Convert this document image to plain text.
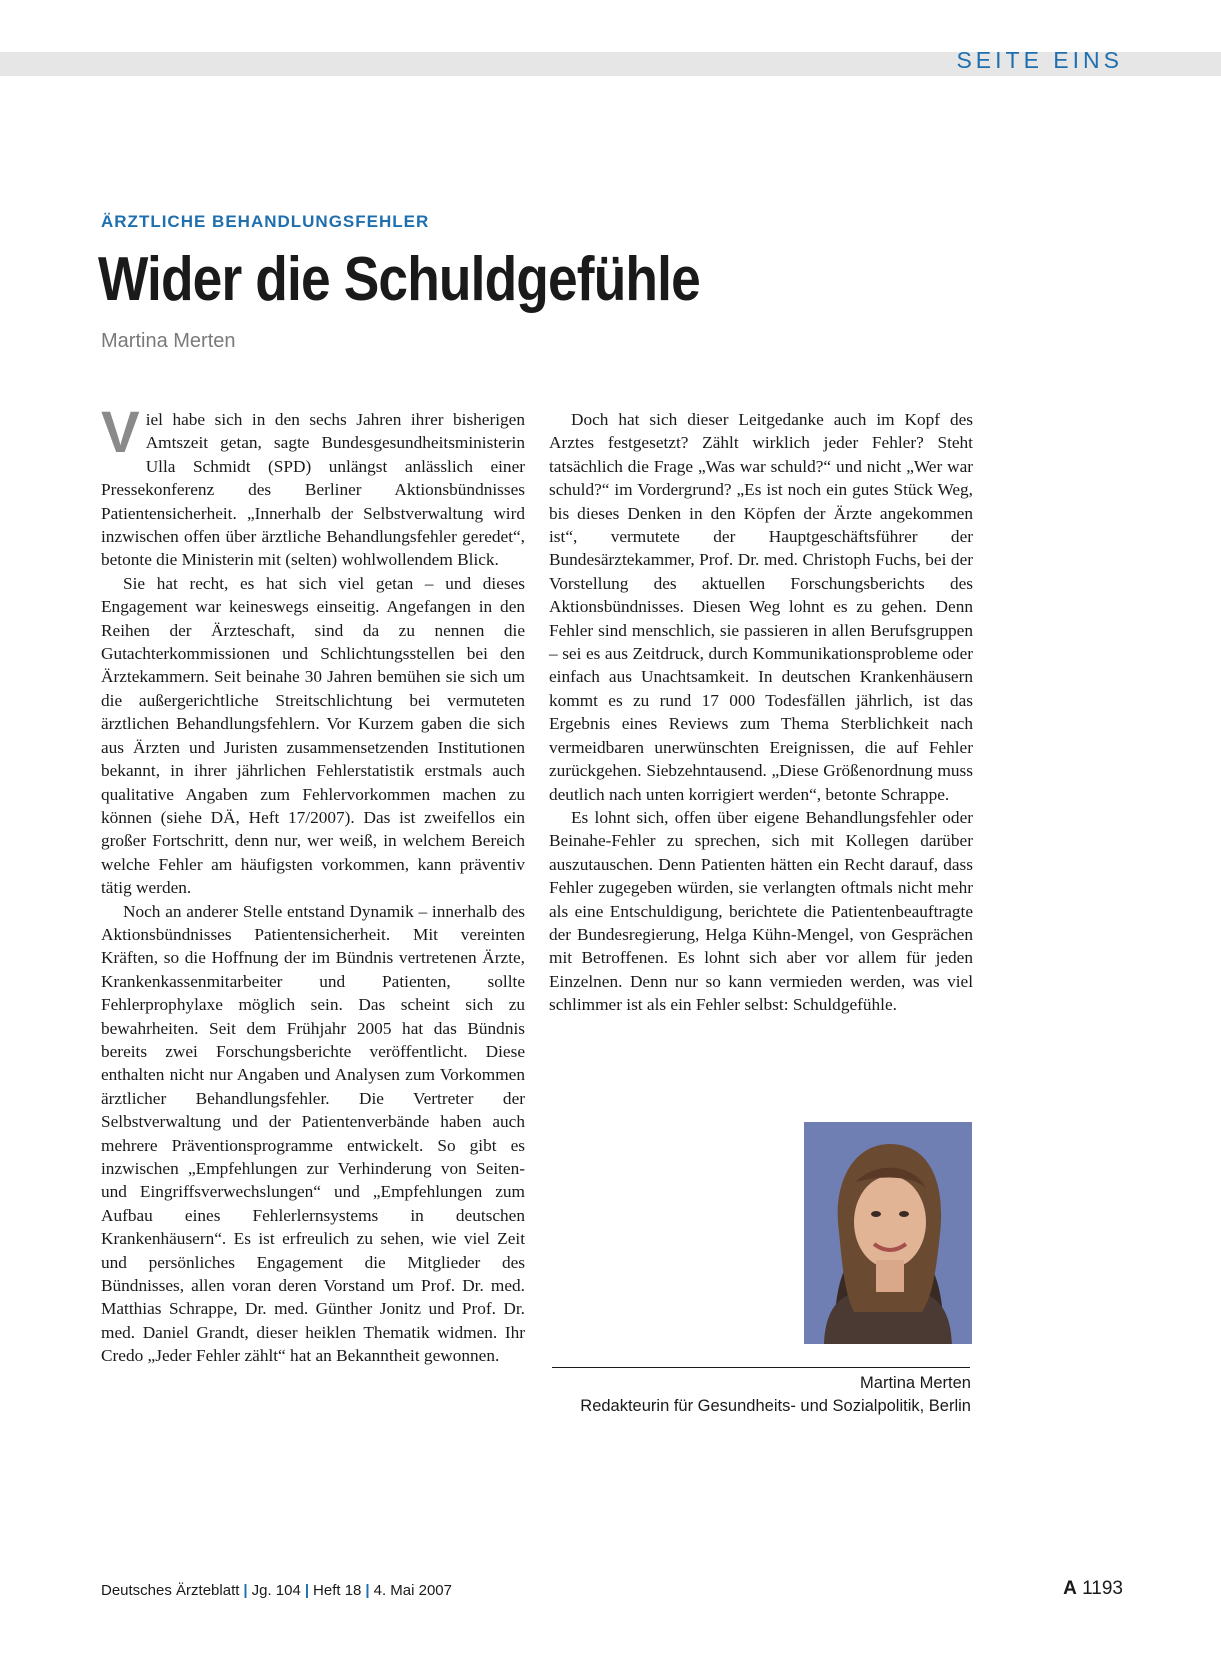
SEITE EINS
ÄRZTLICHE BEHANDLUNGSFEHLER
Wider die Schuldgefühle
Martina Merten

Viel habe sich in den sechs Jahren ihrer bisherigen Amtszeit getan, sagte Bundesgesundheitsministerin Ulla Schmidt (SPD) unlängst anlässlich einer Pressekonferenz des Berliner Aktionsbündnisses Patientensicherheit. „Innerhalb der Selbstverwaltung wird inzwischen offen über ärztliche Behandlungsfehler geredet“, betonte die Ministerin mit (selten) wohlwollendem Blick.

Sie hat recht, es hat sich viel getan – und dieses Engagement war keineswegs einseitig. Angefangen in den Reihen der Ärzteschaft, sind da zu nennen die Gutachterkommissionen und Schlichtungsstellen bei den Ärztekammern. Seit beinahe 30 Jahren bemühen sie sich um die außergerichtliche Streitschlichtung bei vermuteten ärztlichen Behandlungsfehlern. Vor Kurzem gaben die sich aus Ärzten und Juristen zusammensetzenden Institutionen bekannt, in ihrer jährlichen Fehlerstatistik erstmals auch qualitative Angaben zum Fehlervorkommen machen zu können (siehe DÄ, Heft 17/2007). Das ist zweifellos ein großer Fortschritt, denn nur, wer weiß, in welchem Bereich welche Fehler am häufigsten vorkommen, kann präventiv tätig werden.

Noch an anderer Stelle entstand Dynamik – innerhalb des Aktionsbündnisses Patientensicherheit. Mit vereinten Kräften, so die Hoffnung der im Bündnis vertretenen Ärzte, Krankenkassenmitarbeiter und Patienten, sollte Fehlerprophylaxe möglich sein. Das scheint sich zu bewahrheiten. Seit dem Frühjahr 2005 hat das Bündnis bereits zwei Forschungsberichte veröffentlicht. Diese enthalten nicht nur Angaben und Analysen zum Vorkommen ärztlicher Behandlungsfehler. Die Vertreter der Selbstverwaltung und der Patientenverbände haben auch mehrere Präventionsprogramme entwickelt. So gibt es inzwischen „Empfehlungen zur Verhinderung von Seiten- und Eingriffsverwechslungen“ und „Empfehlungen zum Aufbau eines Fehlerlernsystems in deutschen Krankenhäusern“. Es ist erfreulich zu sehen, wie viel Zeit und persönliches Engagement die Mitglieder des Bündnisses, allen voran deren Vorstand um Prof. Dr. med. Matthias Schrappe, Dr. med. Günther Jonitz und Prof. Dr. med. Daniel Grandt, dieser heiklen Thematik widmen. Ihr Credo „Jeder Fehler zählt“ hat an Bekanntheit gewonnen.

Doch hat sich dieser Leitgedanke auch im Kopf des Arztes festgesetzt? Zählt wirklich jeder Fehler? Steht tatsächlich die Frage „Was war schuld?“ und nicht „Wer war schuld?“ im Vordergrund? „Es ist noch ein gutes Stück Weg, bis dieses Denken in den Köpfen der Ärzte angekommen ist“, vermutete der Hauptgeschäftsführer der Bundesärztekammer, Prof. Dr. med. Christoph Fuchs, bei der Vorstellung des aktuellen Forschungsberichts des Aktionsbündnisses. Diesen Weg lohnt es zu gehen. Denn Fehler sind menschlich, sie passieren in allen Berufsgruppen – sei es aus Zeitdruck, durch Kommunikationsprobleme oder einfach aus Unachtsamkeit. In deutschen Krankenhäusern kommt es zu rund 17 000 Todesfällen jährlich, ist das Ergebnis eines Reviews zum Thema Sterblichkeit nach vermeidbaren unerwünschten Ereignissen, die auf Fehler zurückgehen. Siebzehntausend. „Diese Größenordnung muss deutlich nach unten korrigiert werden“, betonte Schrappe.

Es lohnt sich, offen über eigene Behandlungsfehler oder Beinahe-Fehler zu sprechen, sich mit Kollegen darüber auszutauschen. Denn Patienten hätten ein Recht darauf, dass Fehler zugegeben würden, sie verlangten oftmals nicht mehr als eine Entschuldigung, berichtete die Patientenbeauftragte der Bundesregierung, Helga Kühn-Mengel, von Gesprächen mit Betroffenen. Es lohnt sich aber vor allem für jeden Einzelnen. Denn nur so kann vermieden werden, was viel schlimmer ist als ein Fehler selbst: Schuldgefühle.

Martina Merten
Redakteurin für Gesundheits- und Sozialpolitik, Berlin
Deutsches Ärzteblatt | Jg. 104 | Heft 18 | 4. Mai 2007	A 1193
